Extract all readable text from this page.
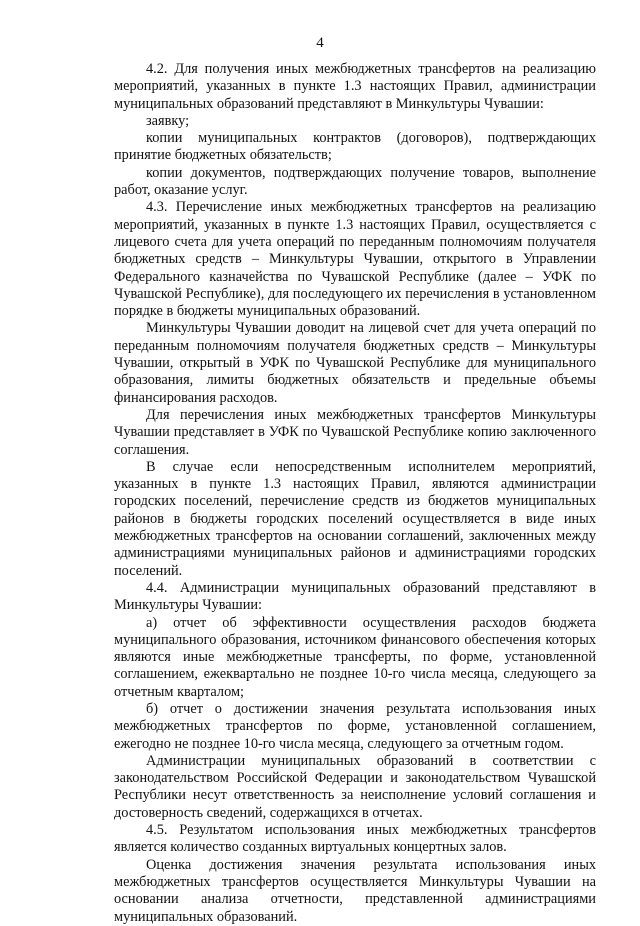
4

4.2. Для получения иных межбюджетных трансфертов на реализацию мероприятий, указанных в пункте 1.3 настоящих Правил, администрации муниципальных образований представляют в Минкультуры Чувашии:

заявку;

копии муниципальных контрактов (договоров), подтверждающих принятие бюджетных обязательств;

копии документов, подтверждающих получение товаров, выполнение работ, оказание услуг.

4.3. Перечисление иных межбюджетных трансфертов на реализацию мероприятий, указанных в пункте 1.3 настоящих Правил, осуществляется с лицевого счета для учета операций по переданным полномочиям получателя бюджетных средств – Минкультуры Чувашии, открытого в Управлении Федерального казначейства по Чувашской Республике (далее – УФК по Чувашской Республике), для последующего их перечисления в установленном порядке в бюджеты муниципальных образований.

Минкультуры Чувашии доводит на лицевой счет для учета операций по переданным полномочиям получателя бюджетных средств – Минкультуры Чувашии, открытый в УФК по Чувашской Республике для муниципального образования, лимиты бюджетных обязательств и предельные объемы финансирования расходов.

Для перечисления иных межбюджетных трансфертов Минкультуры Чувашии представляет в УФК по Чувашской Республике копию заключенного соглашения.

В случае если непосредственным исполнителем мероприятий, указанных в пункте 1.3 настоящих Правил, являются администрации городских поселений, перечисление средств из бюджетов муниципальных районов в бюджеты городских поселений осуществляется в виде иных межбюджетных трансфертов на основании соглашений, заключенных между администрациями муниципальных районов и администрациями городских поселений.

4.4. Администрации муниципальных образований представляют в Минкультуры Чувашии:

а) отчет об эффективности осуществления расходов бюджета муниципального образования, источником финансового обеспечения которых являются иные межбюджетные трансферты, по форме, установленной соглашением, ежеквартально не позднее 10-го числа месяца, следующего за отчетным кварталом;

б) отчет о достижении значения результата использования иных межбюджетных трансфертов по форме, установленной соглашением, ежегодно не позднее 10-го числа месяца, следующего за отчетным годом.

Администрации муниципальных образований в соответствии с законодательством Российской Федерации и законодательством Чувашской Республики несут ответственность за неисполнение условий соглашения и достоверность сведений, содержащихся в отчетах.

4.5. Результатом использования иных межбюджетных трансфертов является количество созданных виртуальных концертных залов.

Оценка достижения значения результата использования иных межбюджетных трансфертов осуществляется Минкультуры Чувашии на основании анализа отчетности, представленной администрациями муниципальных образований.
